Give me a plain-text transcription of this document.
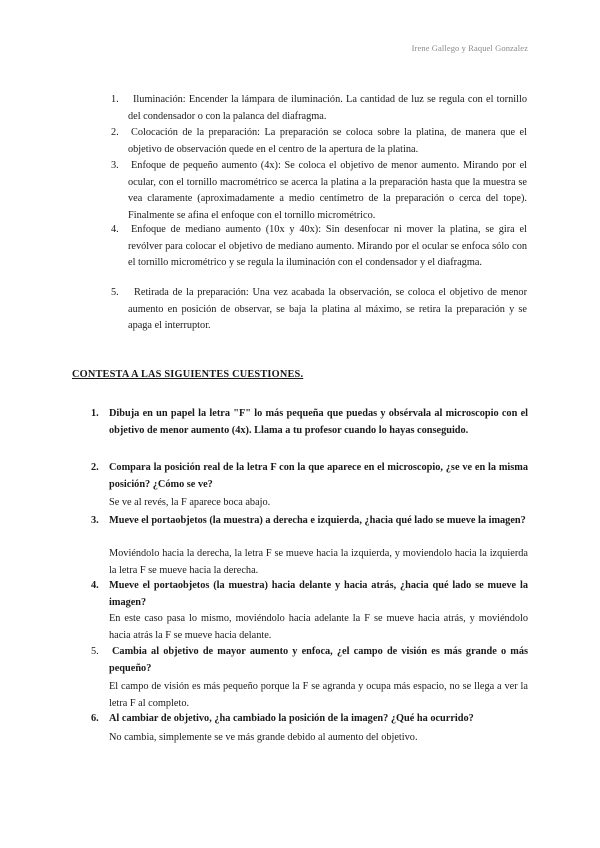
Irene Gallego y Raquel Gonzalez
1.	Iluminación: Encender la lámpara de iluminación. La cantidad de luz se regula con el tornillo del condensador o con la palanca del diafragma.
2. Colocación de la preparación: La preparación se coloca sobre la platina, de manera que el objetivo de observación quede en el centro de la apertura de la platina.
3. Enfoque de pequeño aumento (4x): Se coloca el objetivo de menor aumento. Mirando por el ocular, con el tornillo macrométrico se acerca la platina a la preparación hasta que la muestra se vea claramente (aproximadamente a medio centímetro de la preparación o cerca del tope). Finalmente se afina el enfoque con el tornillo micrométrico.
4. Enfoque de mediano aumento (10x y 40x): Sin desenfocar ni mover la platina, se gira el revólver para colocar el objetivo de mediano aumento. Mirando por el ocular se enfoca sólo con el tornillo micrométrico y se regula la iluminación con el condensador y el diafragma.
5.	Retirada de la preparación: Una vez acabada la observación, se coloca el objetivo de menor aumento en posición de observar, se baja la platina al máximo, se retira la preparación y se apaga el interruptor.
CONTESTA A LAS SIGUIENTES CUESTIONES.
1. Dibuja en un papel la letra "F" lo más pequeña que puedas y obsérvala al microscopio con el objetivo de menor aumento (4x). Llama a tu profesor cuando lo hayas conseguido.

2. Compara la posición real de la letra F con la que aparece en el microscopio, ¿se ve en la misma posición? ¿Cómo se ve?

Se ve al revés, la F aparece boca abajo.

3. Mueve el portaobjetos (la muestra) a derecha e izquierda, ¿hacia qué lado se mueve la imagen?

Moviéndolo hacia la derecha, la letra F se mueve hacia la izquierda, y moviendolo hacia la izquierda la letra F se mueve hacia la derecha.

4. Mueve el portaobjetos (la muestra) hacia delante y hacia atrás, ¿hacia qué lado se mueve la imagen?

En este caso pasa lo mismo, moviéndolo hacia adelante la F se mueve hacia atrás, y moviéndolo hacia atrás la F se mueve hacia delante.

5. Cambia al objetivo de mayor aumento y enfoca, ¿el campo de visión es más grande o más pequeño?

El campo de visión es más pequeño porque la F se agranda y ocupa más espacio, no se llega a ver la letra F al completo.

6. Al cambiar de objetivo, ¿ha cambiado la posición de la imagen? ¿Qué ha ocurrido?

No cambia, simplemente se ve más grande debido al aumento del objetivo.
